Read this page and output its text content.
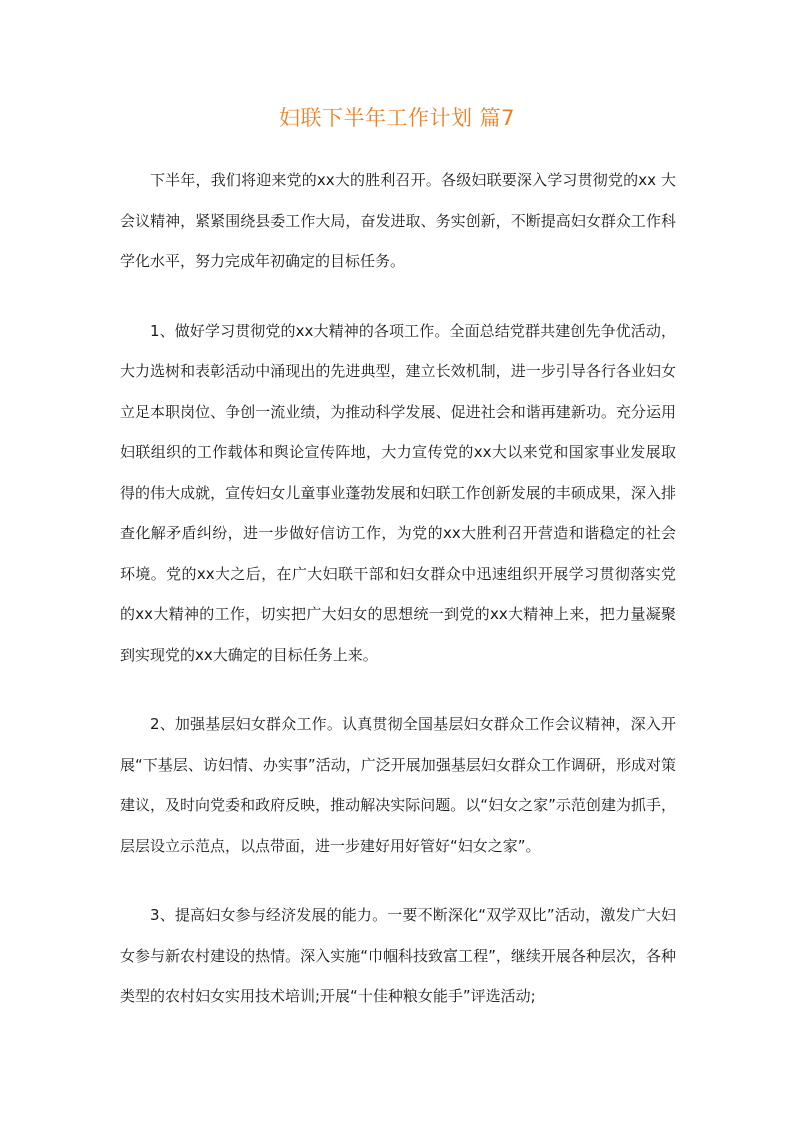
妇联下半年工作计划 篇7

下半年，我们将迎来党的xx大的胜利召开。各级妇联要深入学习贯彻党的xx 大会议精神，紧紧围绕县委工作大局，奋发进取、务实创新，不断提高妇女群众工作科学化水平，努力完成年初确定的目标任务。

1、做好学习贯彻党的xx大精神的各项工作。全面总结党群共建创先争优活动，大力选树和表彰活动中涌现出的先进典型，建立长效机制，进一步引导各行各业妇女立足本职岗位、争创一流业绩，为推动科学发展、促进社会和谐再建新功。充分运用妇联组织的工作载体和舆论宣传阵地，大力宣传党的xx大以来党和国家事业发展取得的伟大成就，宣传妇女儿童事业蓬勃发展和妇联工作创新发展的丰硕成果，深入排查化解矛盾纠纷，进一步做好信访工作，为党的xx大胜利召开营造和谐稳定的社会环境。党的xx大之后，在广大妇联干部和妇女群众中迅速组织开展学习贯彻落实党的xx大精神的工作，切实把广大妇女的思想统一到党的xx大精神上来，把力量凝聚到实现党的xx大确定的目标任务上来。

2、加强基层妇女群众工作。认真贯彻全国基层妇女群众工作会议精神，深入开展“下基层、访妇情、办实事”活动，广泛开展加强基层妇女群众工作调研，形成对策建议，及时向党委和政府反映，推动解决实际问题。以“妇女之家”示范创建为抓手，层层设立示范点，以点带面，进一步建好用好管好“妇女之家”。

3、提高妇女参与经济发展的能力。一要不断深化“双学双比”活动，激发广大妇女参与新农村建设的热情。深入实施“巾帼科技致富工程”，继续开展各种层次，各种类型的农村妇女实用技术培训;开展“十佳种粮女能手”评选活动;
